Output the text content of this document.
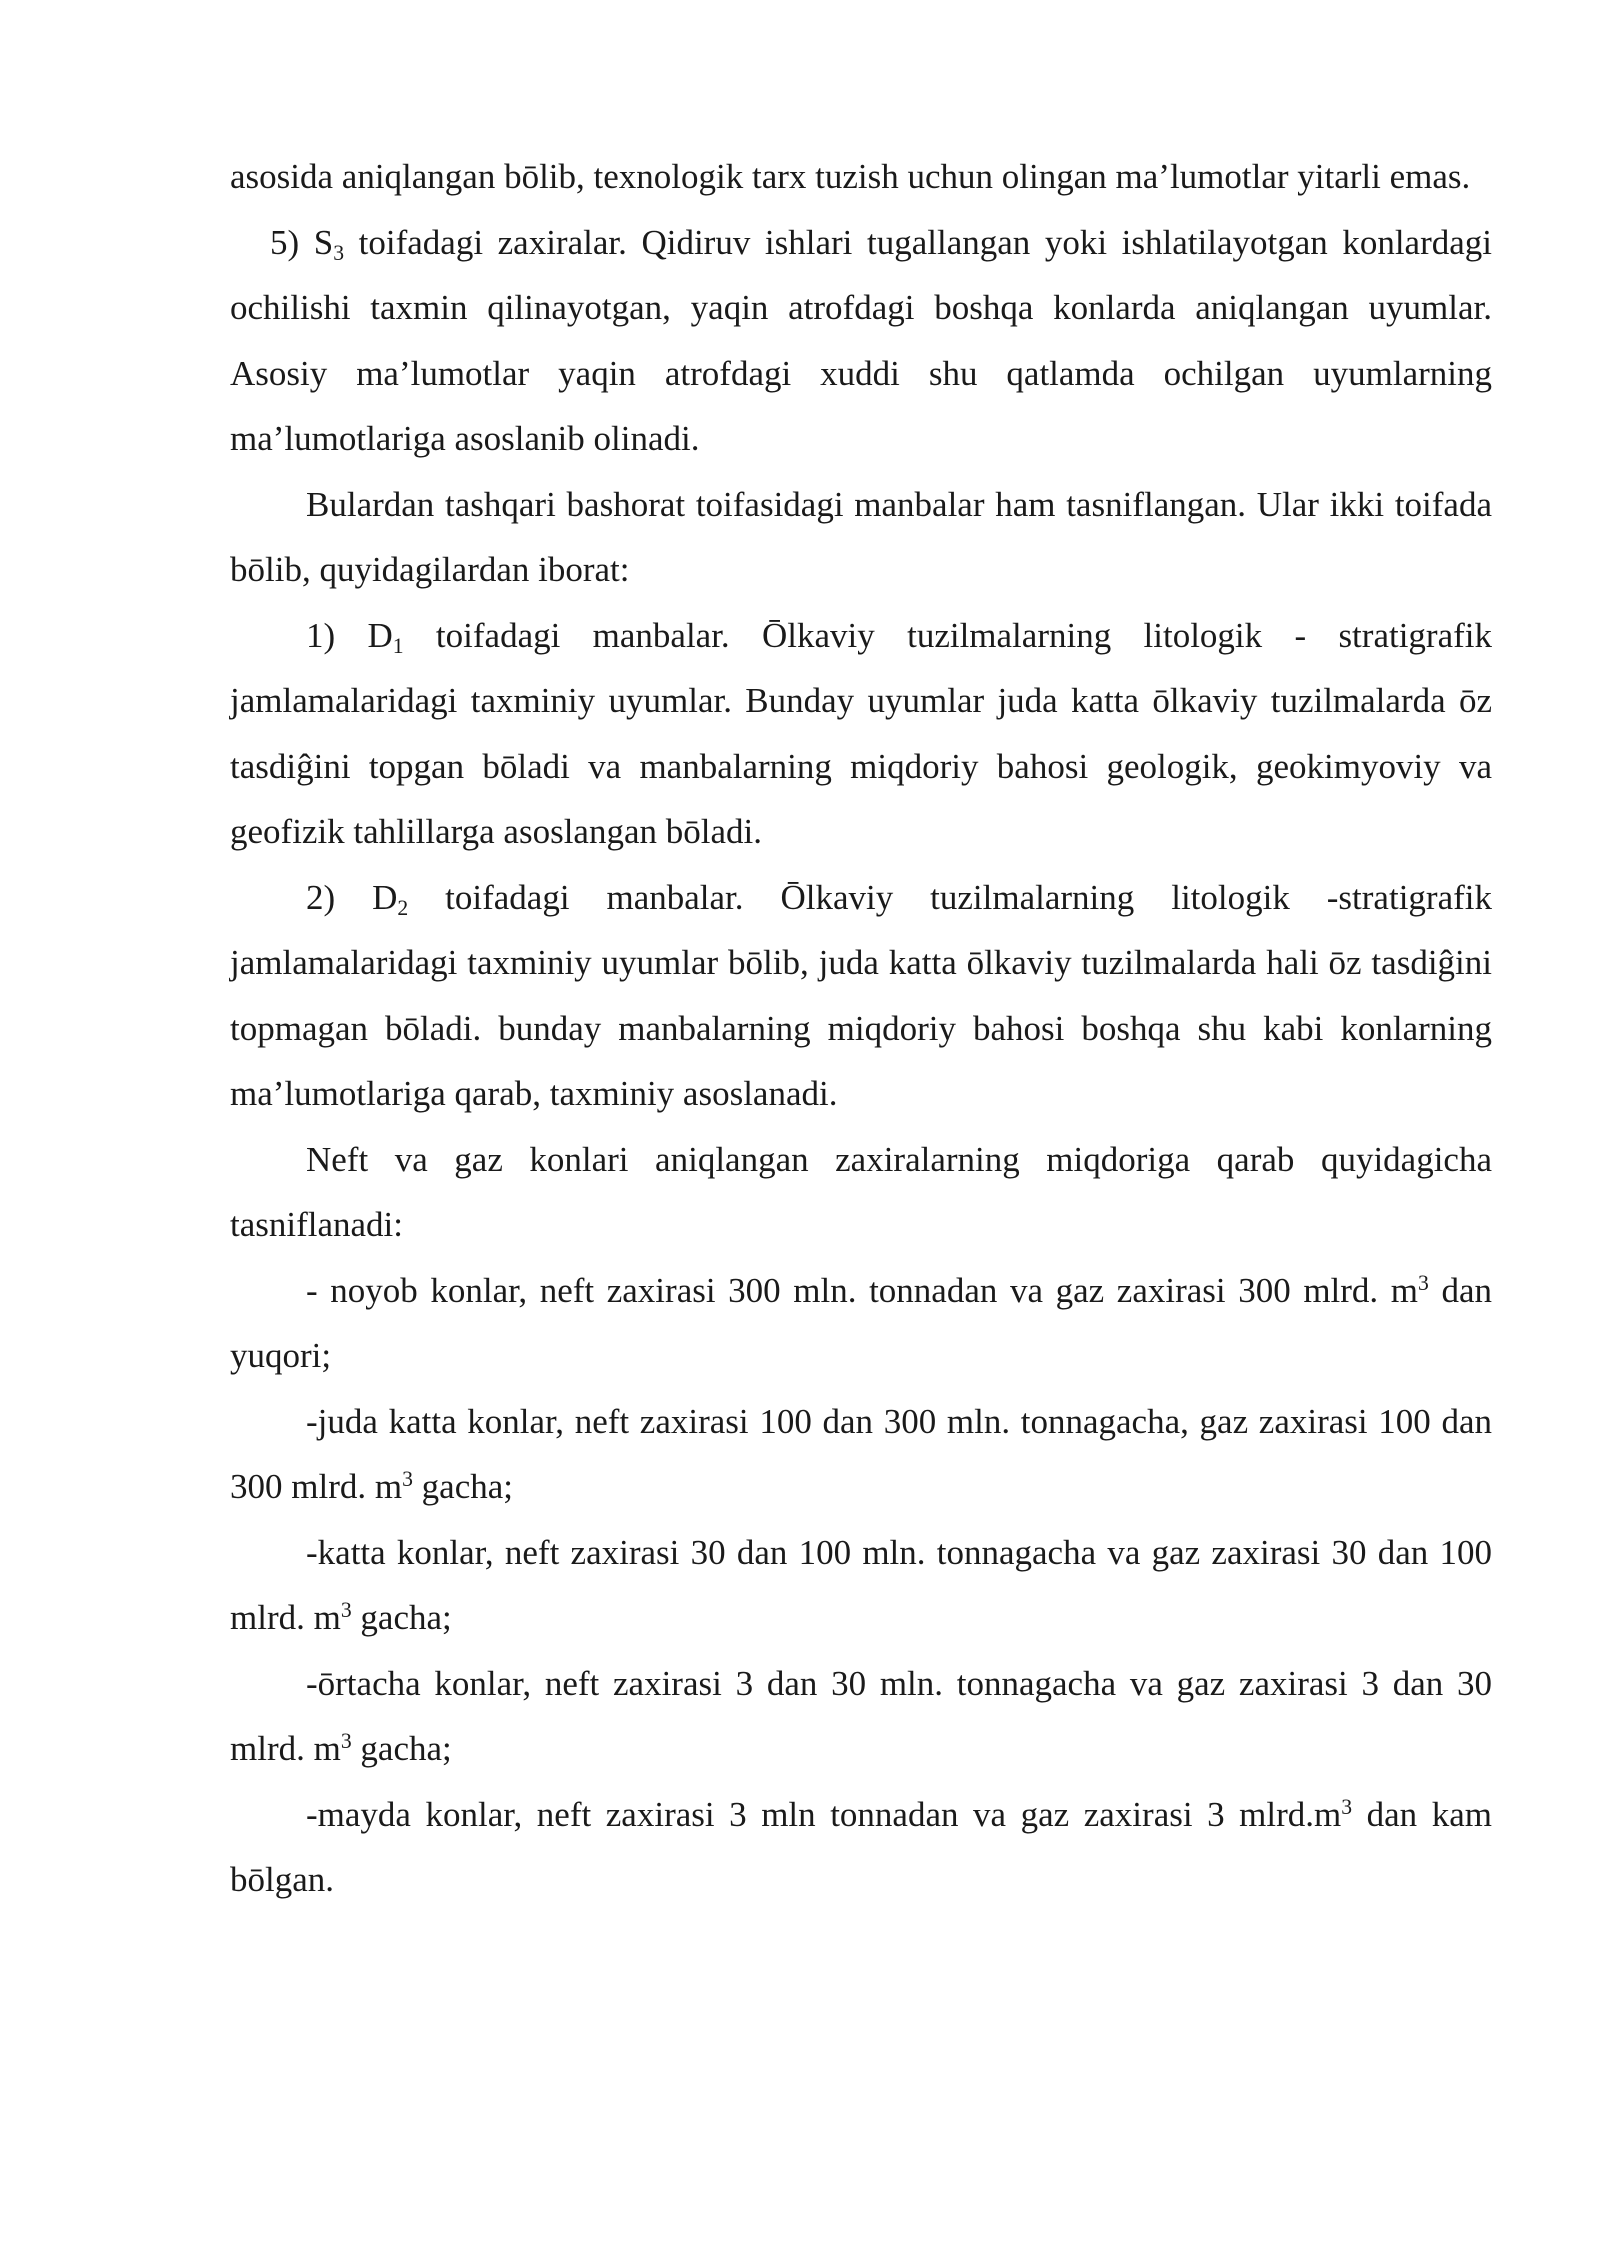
asosida aniqlangan bōlib, texnologik tarx tuzish uchun olingan ma’lumotlar yitarli emas.

5) S3 toifadagi zaxiralar. Qidiruv ishlari tugallangan yoki ishlatilayotgan konlardagi ochilishi taxmin qilinayotgan, yaqin atrofdagi boshqa konlarda aniqlangan uyumlar. Asosiy ma’lumotlar yaqin atrofdagi xuddi shu qatlamda ochilgan uyumlarning ma’lumotlariga asoslanib olinadi.

Bulardan tashqari bashorat toifasidagi manbalar ham tasniflangan. Ular ikki toifada bōlib, quyidagilardan iborat:

1) D1 toifadagi manbalar. Ōlkaviy tuzilmalarning litologik - stratigrafik jamlamalaridagi taxminiy uyumlar. Bunday uyumlar juda katta ōlkaviy tuzilmalarda ōz tasdiĝini topgan bōladi va manbalarning miqdoriy bahosi geologik, geokimyoviy va geofizik tahlillarga asoslangan bōladi.

2) D2 toifadagi manbalar. Ōlkaviy tuzilmalarning litologik -stratigrafik jamlamalaridagi taxminiy uyumlar bōlib, juda katta ōlkaviy tuzilmalarda hali ōz tasdiĝini topmagan bōladi. bunday manbalarning miqdoriy bahosi boshqa shu kabi konlarning ma’lumotlariga qarab, taxminiy asoslanadi.

Neft va gaz konlari aniqlangan zaxiralarning miqdoriga qarab quyidagicha tasniflanadi:

- noyob konlar, neft zaxirasi 300 mln. tonnadan va gaz zaxirasi 300 mlrd. $m^3$ dan yuqori;

-juda katta konlar, neft zaxirasi 100 dan 300 mln. tonnagacha, gaz zaxirasi 100 dan 300 mlrd. $m^3$ gacha;

-katta konlar, neft zaxirasi 30 dan 100 mln. tonnagacha va gaz zaxirasi 30 dan 100 mlrd. $m^3$ gacha;

-ōrtacha konlar, neft zaxirasi 3 dan 30 mln. tonnagacha va gaz zaxirasi 3 dan 30 mlrd. $m^3$ gacha;

-mayda konlar, neft zaxirasi 3 mln tonnadan va gaz zaxirasi 3 $mlrd.m^3$ dan kam bōlgan.
